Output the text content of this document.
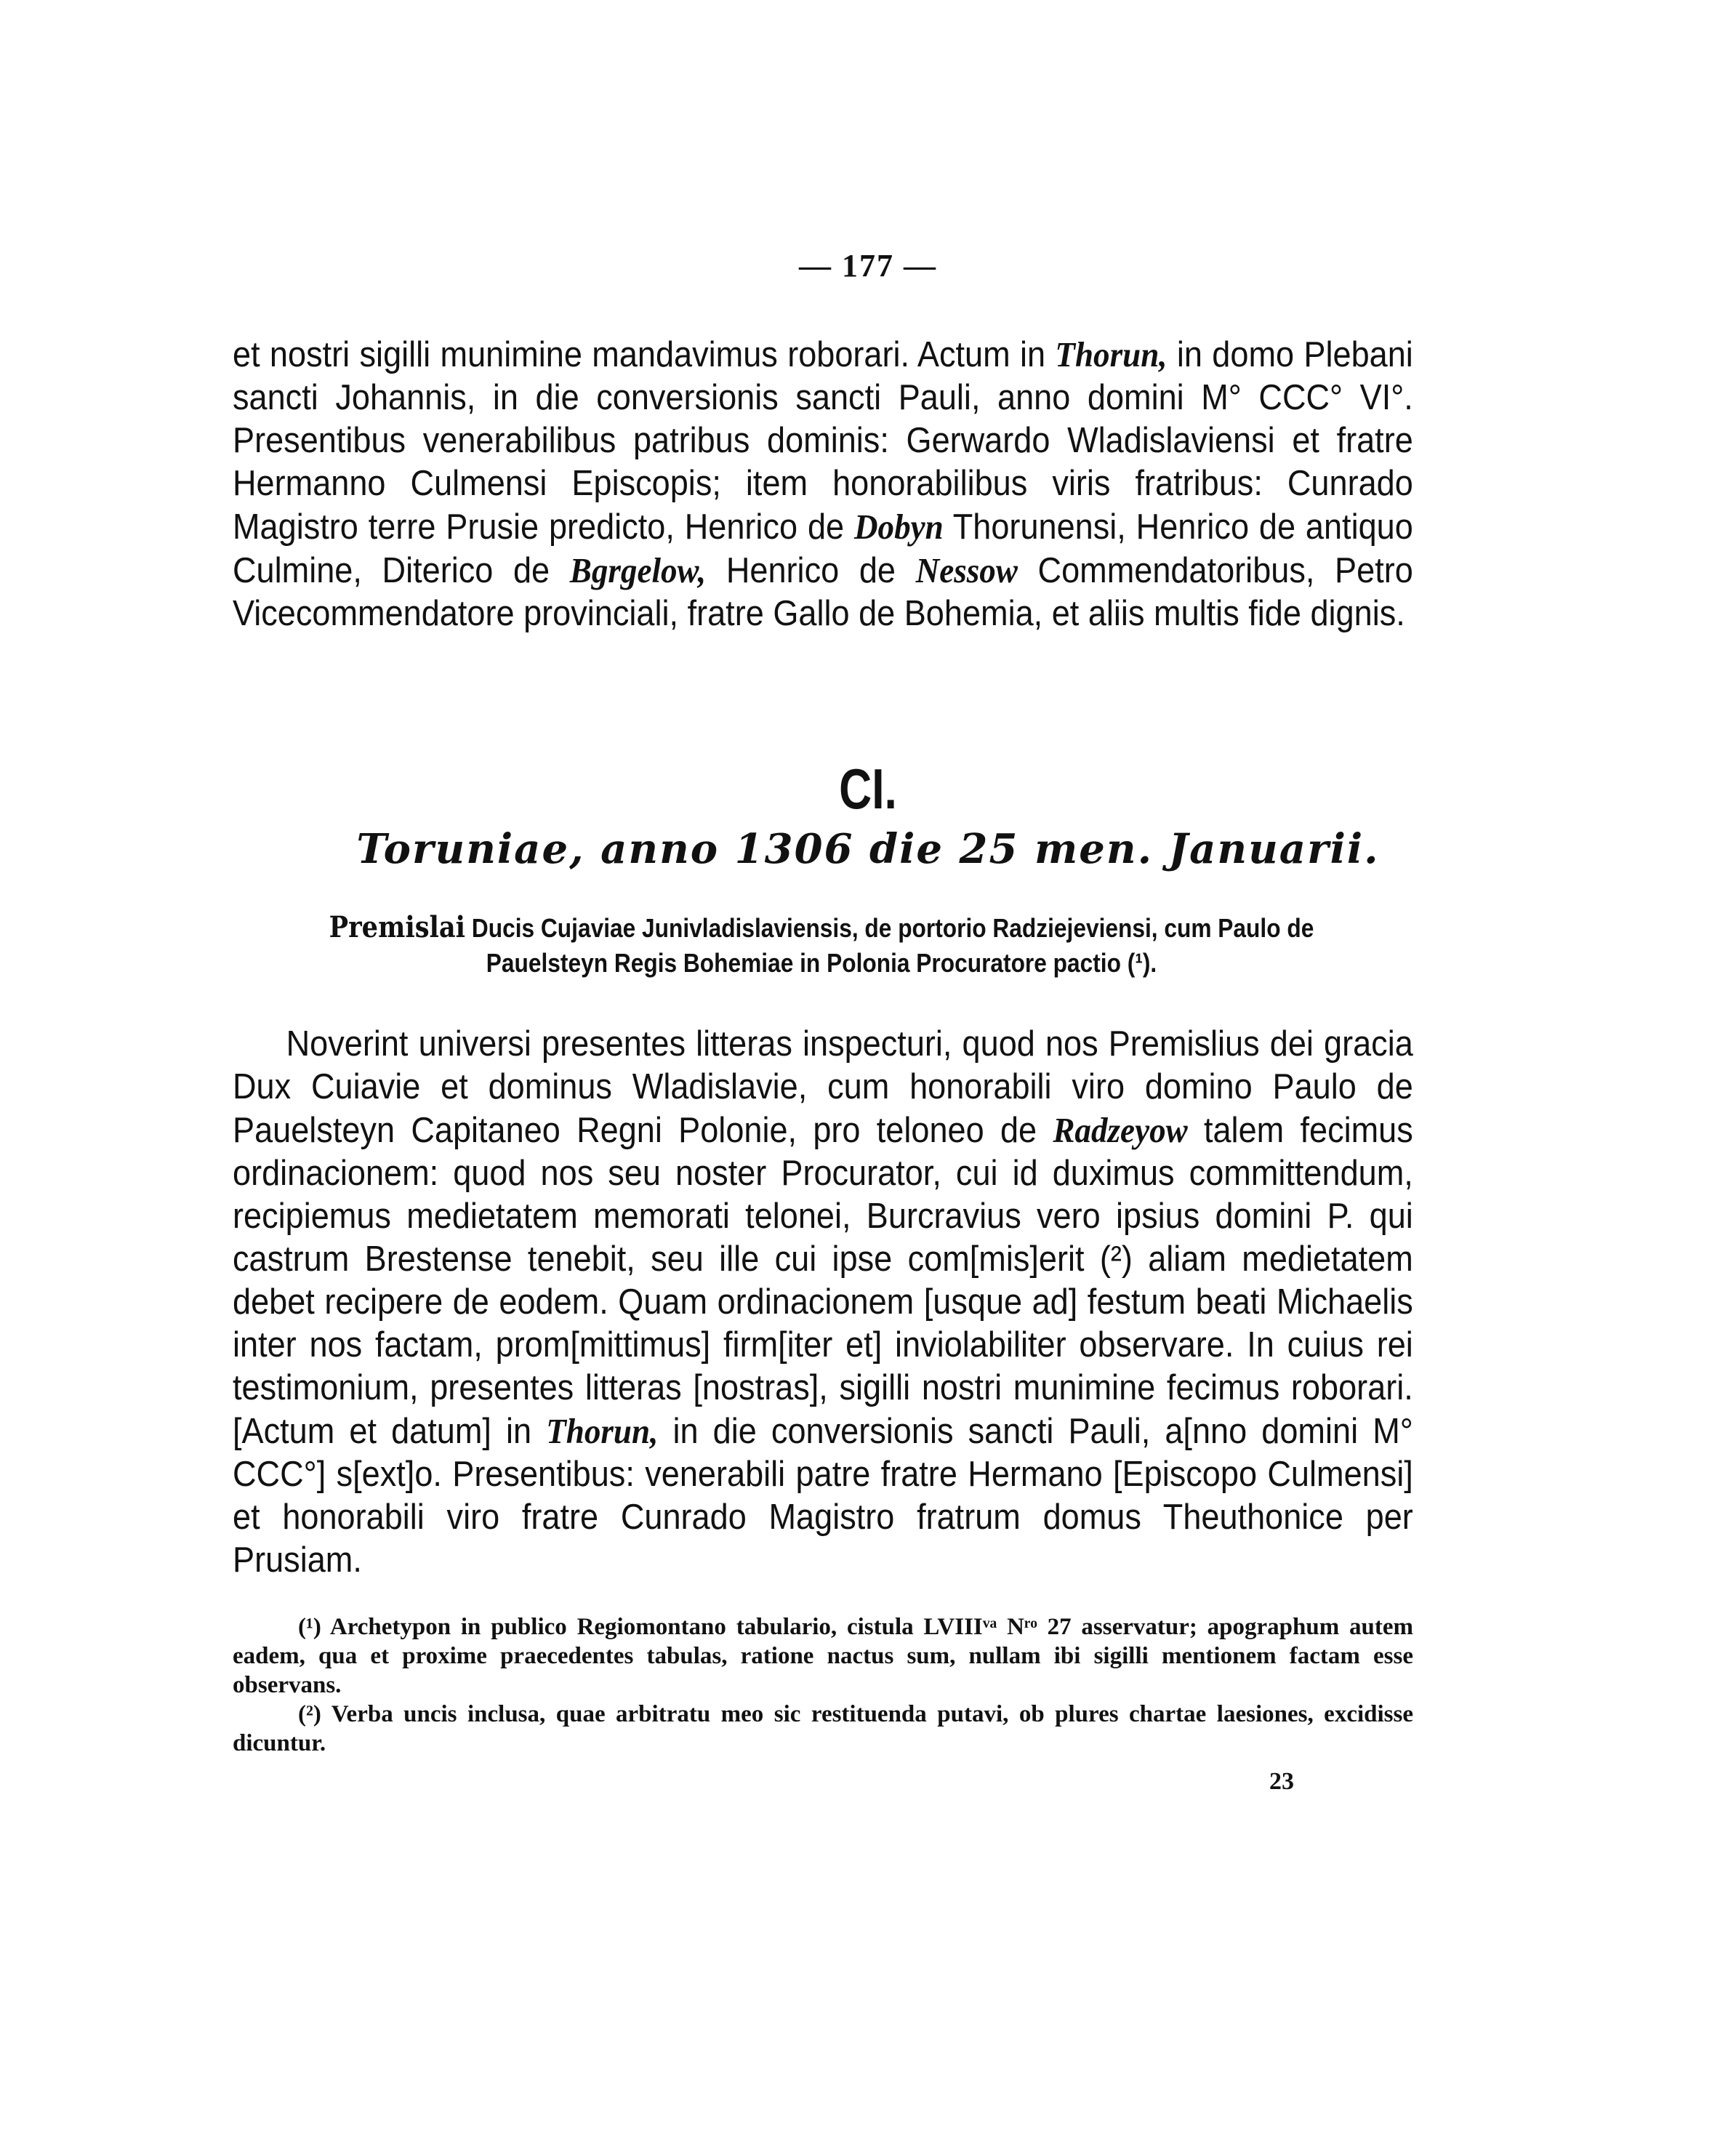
— 177 —

et nostri sigilli munimine mandavimus roborari. Actum in Thorun, in domo Plebani sancti Johannis, in die conversionis sancti Pauli, anno domini M° CCC° VI°. Presentibus venerabilibus patribus dominis: Gerwardo Wladislaviensi et fratre Hermanno Culmensi Episcopis; item honorabilibus viris fratribus: Cunrado Magistro terre Prusie predicto, Henrico de Dobyn Thorunensi, Henrico de antiquo Culmine, Diterico de Bgrgelow, Henrico de Nessow Commendatoribus, Petro Vicecommendatore provinciali, fratre Gallo de Bohemia, et aliis multis fide dignis.

CI.
Toruniae, anno 1306 die 25 men. Januarii.
Premislai Ducis Cujaviae Junivladislaviensis, de portorio Radziejeviensi, cum Paulo de Pauelsteyn Regis Bohemiae in Polonia Procuratore pactio (¹).

Noverint universi presentes litteras inspecturi, quod nos Premislius dei gracia Dux Cuiavie et dominus Wladislavie, cum honorabili viro domino Paulo de Pauelsteyn Capitaneo Regni Polonie, pro teloneo de Radzeyow talem fecimus ordinacionem: quod nos seu noster Procurator, cui id duximus committendum, recipiemus medietatem memorati telonei, Burcravius vero ipsius domini P. qui castrum Brestense tenebit, seu ille cui ipse com[mis]erit (²) aliam medietatem debet recipere de eodem. Quam ordinacionem [usque ad] festum beati Michaelis inter nos factam, prom[mittimus] firm[iter et] inviolabiliter observare. In cuius rei testimonium, presentes litteras [nostras], sigilli nostri munimine fecimus roborari. [Actum et datum] in Thorun, in die conversionis sancti Pauli, a[nno domini M° CCC°] s[ext]o. Presentibus: venerabili patre fratre Hermano [Episcopo Culmensi] et honorabili viro fratre Cunrado Magistro fratrum domus Theuthonice per Prusiam.

(¹) Archetypon in publico Regiomontano tabulario, cistula LVIIIᵛᵃ Nʳᵒ 27 asservatur; apographum autem eadem, qua et proxime praecedentes tabulas, ratione nactus sum, nullam ibi sigilli mentionem factam esse observans.

(²) Verba uncis inclusa, quae arbitratu meo sic restituenda putavi, ob plures chartae laesiones, excidisse dicuntur.

23
